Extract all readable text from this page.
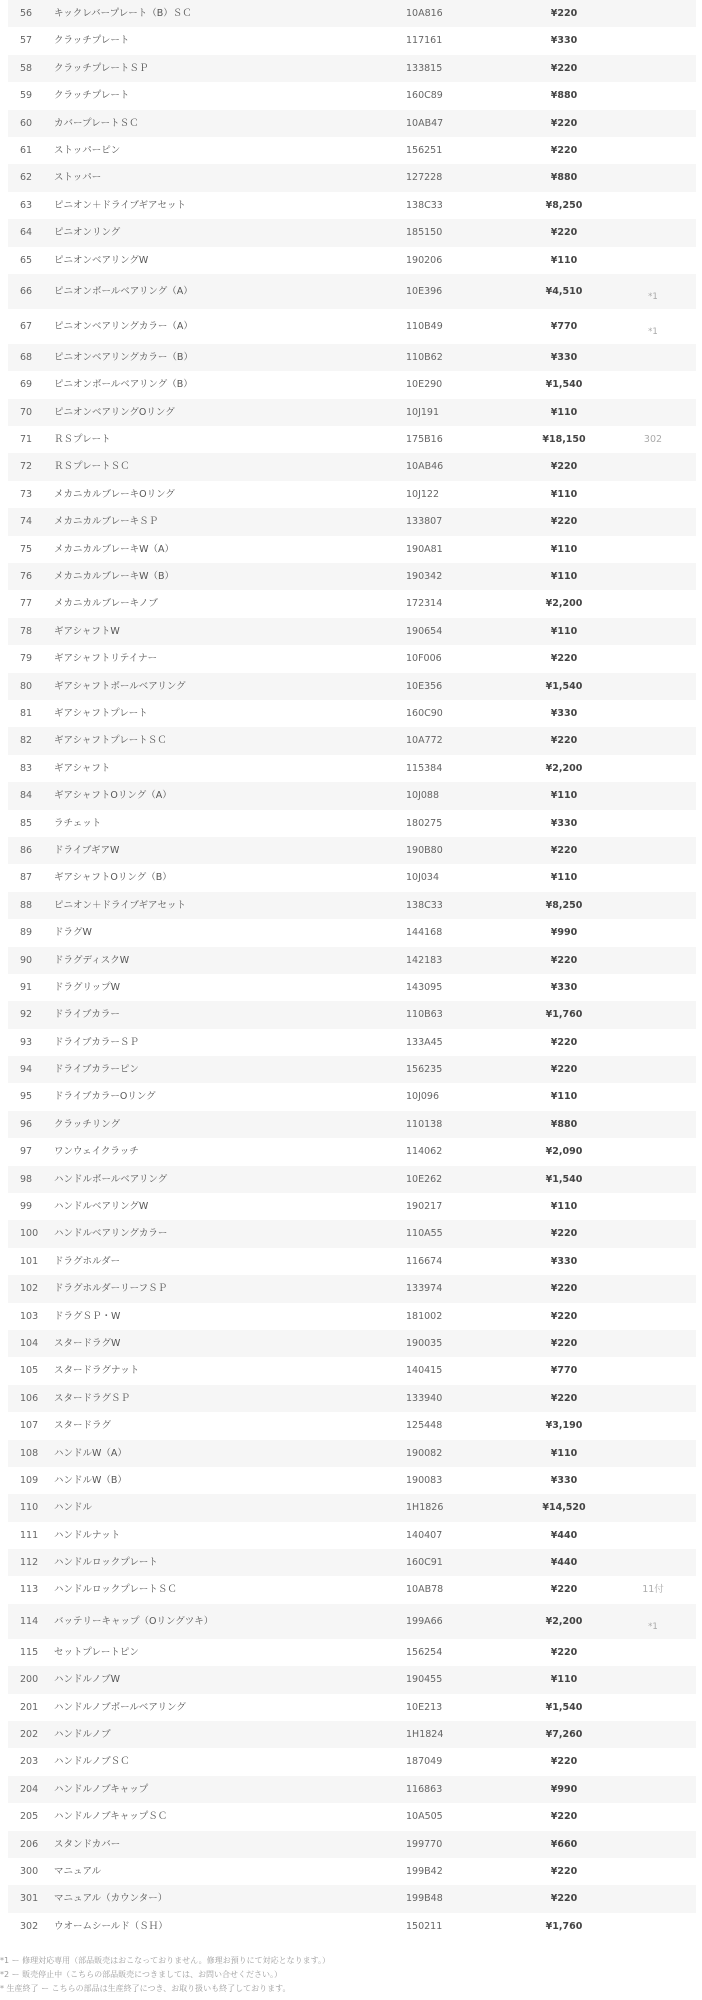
56 キックレバープレート（B）ＳＣ	10A816	¥220
57 クラッチプレート	117161	¥330
58 クラッチプレートＳＰ	133815	¥220
59 クラッチプレート	160C89	¥880
60 カバープレートＳＣ	10AB47	¥220
61 ストッパーピン	156251	¥220
62 ストッパー	127228	¥880
63 ピニオン＋ドライブギアセット	138C33	¥8,250
64 ピニオンリング	185150	¥220
65 ピニオンベアリングW	190206	¥110
66 ピニオンボールベアリング（A）	10E396	¥4,510	*1
67 ピニオンベアリングカラー（A）	110B49	¥770	*1
68 ピニオンベアリングカラー（B）	110B62	¥330
69 ピニオンボールベアリング（B）	10E290	¥1,540
70 ピニオンベアリングOリング	10J191	¥110
71 ＲＳプレート	175B16	¥18,150	302
72 ＲＳプレートＳＣ	10AB46	¥220
73 メカニカルブレーキOリング	10J122	¥110
74 メカニカルブレーキＳＰ	133807	¥220
75 メカニカルブレーキW（A）	190A81	¥110
76 メカニカルブレーキW（B）	190342	¥110
77 メカニカルブレーキノブ	172314	¥2,200
78 ギアシャフトW	190654	¥110
79 ギアシャフトリテイナー	10F006	¥220
80 ギアシャフトボールベアリング	10E356	¥1,540
81 ギアシャフトプレート	160C90	¥330
82 ギアシャフトプレートＳＣ	10A772	¥220
83 ギアシャフト	115384	¥2,200
84 ギアシャフトOリング（A）	10J088	¥110
85 ラチェット	180275	¥330
86 ドライブギアW	190B80	¥220
87 ギアシャフトOリング（B）	10J034	¥110
88 ピニオン＋ドライブギアセット	138C33	¥8,250
89 ドラグW	144168	¥990
90 ドラグディスクW	142183	¥220
91 ドラグリップW	143095	¥330
92 ドライブカラー	110B63	¥1,760
93 ドライブカラーＳＰ	133A45	¥220
94 ドライブカラーピン	156235	¥220
95 ドライブカラーOリング	10J096	¥110
96 クラッチリング	110138	¥880
97 ワンウェイクラッチ	114062	¥2,090
98 ハンドルボールベアリング	10E262	¥1,540
99 ハンドルベアリングW	190217	¥110
100 ハンドルベアリングカラー	110A55	¥220
101 ドラグホルダー	116674	¥330
102 ドラグホルダーリーフＳＰ	133974	¥220
103 ドラグＳＰ・W	181002	¥220
104 スタードラグW	190035	¥220
105 スタードラグナット	140415	¥770
106 スタードラグＳＰ	133940	¥220
107 スタードラグ	125448	¥3,190
108 ハンドルW（A）	190082	¥110
109 ハンドルW（B）	190083	¥330
110 ハンドル	1H1826	¥14,520
111 ハンドルナット	140407	¥440
112 ハンドルロックプレート	160C91	¥440
113 ハンドルロックプレートＳＣ	10AB78	¥220	11付
114 バッテリーキャップ（Oリングツキ）	199A66	¥2,200	*1
115 セットプレートピン	156254	¥220
200 ハンドルノブW	190455	¥110
201 ハンドルノブボールベアリング	10E213	¥1,540
202 ハンドルノブ	1H1824	¥7,260
203 ハンドルノブＳＣ	187049	¥220
204 ハンドルノブキャップ	116863	¥990
205 ハンドルノブキャップＳＣ	10A505	¥220
206 スタンドカバー	199770	¥660
300 マニュアル	199B42	¥220
301 マニュアル（カウンター）	199B48	¥220
302 ウオームシールド（ＳＨ）	150211	¥1,760
*1 ー 修理対応専用（部品販売はおこなっておりません。修理お預りにて対応となります。）
*2 ー 販売停止中（こちらの部品販売につきましては、お問い合せください。）
* 生産終了 ー こちらの部品は生産終了につき、お取り扱いも終了しております。
